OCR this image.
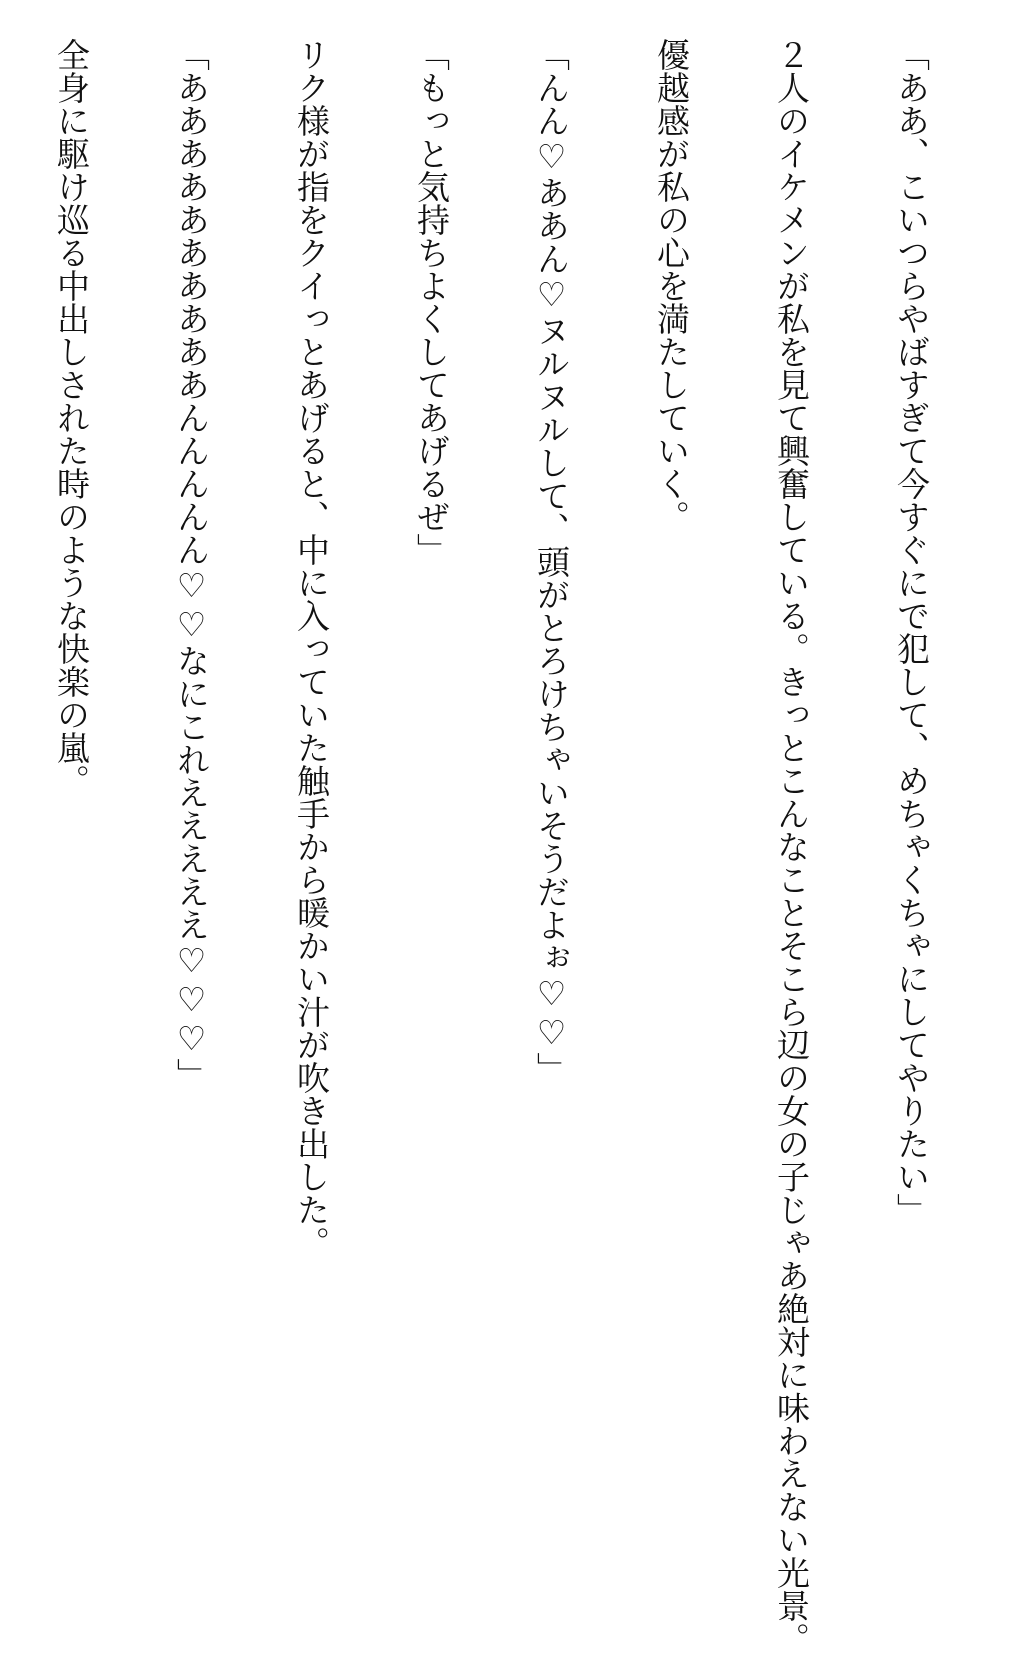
「ああ、こいつらやばすぎて今すぐにで犯して、めちゃくちゃにしてやりたい」
２人のイケメンが私を見て興奮している。きっとこんなことそこら辺の女の子じゃあ絶対に味わえない光景。
優越感が私の心を満たしていく。
「んん♡ああん♡ヌルヌルして、頭がとろけちゃいそうだよぉ♡♡」
「もっと気持ちよくしてあげるぜ」
リク様が指をクイっとあげると、中に入っていた触手から暖かい汁が吹き出した。
「ああああああああああんんんんん♡♡なにこれえええええ♡♡♡」
全身に駆け巡る中出しされた時のような快楽の嵐。
